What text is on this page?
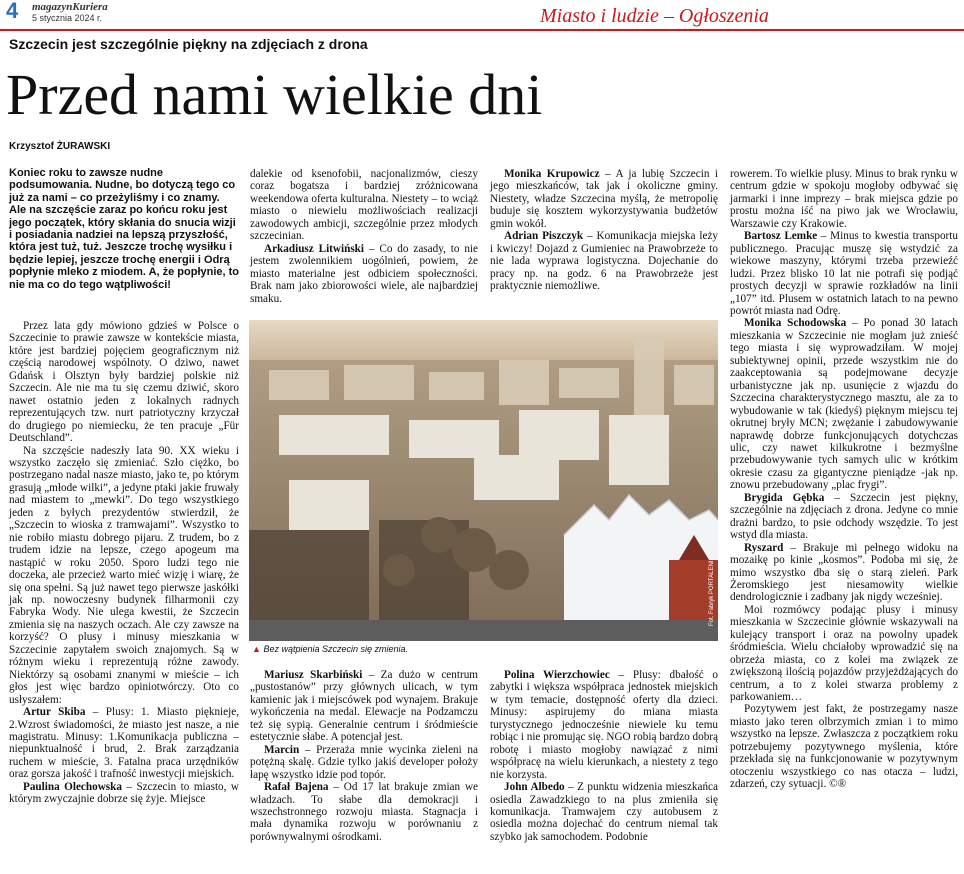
4 magazynKuriera
5 stycznia 2024 r.	Miasto i ludzie – Ogłoszenia
Szczecin jest szczególnie piękny na zdjęciach z drona
Przed nami wielkie dni
Krzysztof ŻURAWSKI
Koniec roku to zawsze nudne podsumowania. Nudne, bo dotyczą tego co już za nami – co przeżyliśmy i co znamy. Ale na szczęście zaraz po końcu roku jest jego początek, który skłania do snucia wizji i posiadania nadziei na lepszą przyszłość, która jest tuż, tuż. Jeszcze trochę wysiłku i będzie lepiej, jeszcze trochę energii i Odrą popłynie mleko z miodem. A, że popłynie, to nie ma co do tego wątpliwości!

Przez lata gdy mówiono gdzieś w Polsce o Szczecinie to prawie zawsze w kontekście miasta, które jest bardziej pojęciem geograficznym niż częścią narodowej wspólnoty. O dziwo, nawet Gdańsk i Olsztyn były bardziej polskie niż Szczecin. Ale nie ma tu się czemu dziwić, skoro nawet ostatnio jeden z lokalnych radnych reprezentujących tzw. nurt patriotyczny krzyczał do drugiego po niemiecku, że ten pracuje „Für Deutschland”.

Na szczęście nadeszły lata 90. XX wieku i wszystko zaczęło się zmieniać. Szło ciężko, bo postrzegano nadal nasze miasto, jako te, po którym grasują „młode wilki”, a jedyne ptaki jakie fruwały nad miastem to „mewki”. Do tego wszystkiego jeden z byłych prezydentów stwierdził, że „Szczecin to wioska z tramwajami”. Wszystko to nie robiło miastu dobrego pijaru. Z trudem, bo z trudem idzie na lepsze, czego apogeum ma nastąpić w roku 2050. Sporo ludzi tego nie doczeka, ale przecież warto mieć wizję i wiarę, że się ona spełni. Są już nawet tego pierwsze jaskółki jak np. nowoczesny budynek filharmonii czy Fabryka Wody. Nie ulega kwestii, że Szczecin zmienia się na naszych oczach. Ale czy zawsze na korzyść? O plusy i minusy mieszkania w Szczecinie zapytałem swoich znajomych. Są w różnym wieku i reprezentują różne zawody. Niektórzy są osobami znanymi w mieście – ich głos jest więc bardzo opiniotwórczy. Oto co usłyszałem:

Artur Skiba – Plusy: 1. Miasto pięknieje, 2.Wzrost świadomości, że miasto jest nasze, a nie magistratu. Minusy: 1.Komunikacja publiczna – niepunktualność i brud, 2. Brak zarządzania ruchem w mieście, 3. Fatalna praca urzędników oraz gorsza jakość i trafność inwestycji miejskich.

Paulina Olechowska – Szczecin to miasto, w którym zwyczajnie dobrze się żyje. Miejsce

dalekie od ksenofobii, nacjonalizmów, cieszy coraz bogatsza i bardziej zróżnicowana weekendowa oferta kulturalna. Niestety – to wciąż miasto o niewielu możliwościach realizacji zawodowych ambicji, szczególnie przez młodych szczecinian.

Arkadiusz Litwiński – Co do zasady, to nie jestem zwolennikiem uogólnień, powiem, że miasto materialne jest odbiciem społeczności. Brak nam jako zbiorowości wiele, ale najbardziej smaku.

Monika Krupowicz – A ja lubię Szczecin i jego mieszkańców, tak jak i okoliczne gminy. Niestety, władze Szczecina myślą, że metropolię buduje się kosztem wykorzystywania budżetów gmin wokół.

Adrian Piszczyk – Komunikacja miejska leży i kwiczy! Dojazd z Gumieniec na Prawobrzeże to nie lada wyprawa logistyczna. Dojechanie do pracy np. na godz. 6 na Prawobrzeże jest praktycznie niemożliwe.

Fot. Fabryk PORTALENI
▲ Bez wątpienia Szczecin się zmienia.

Mariusz Skarbiński – Za dużo w centrum „pustostanów” przy głównych ulicach, w tym kamienic jak i miejscówek pod wynajem. Brakuje wykończenia na medal. Elewacje na Podzamczu też się sypią. Generalnie centrum i śródmieście estetycznie słabe. A potencjał jest.

Marcin – Przeraża mnie wycinka zieleni na potężną skalę. Gdzie tylko jakiś developer położy łapę wszystko idzie pod topór.

Rafał Bajena – Od 17 lat brakuje zmian we władzach. To słabe dla demokracji i wszechstronnego rozwoju miasta. Stagnacja i mała dynamika rozwoju w porównaniu z porównywalnymi ośrodkami.

Polina Wierzchowiec – Plusy: dbałość o zabytki i większa współpraca jednostek miejskich w tym temacie, dostępność oferty dla dzieci. Minusy: aspirujemy do miana miasta turystycznego jednocześnie niewiele ku temu robiąc i nie promując się. NGO robią bardzo dobrą robotę i miasto mogłoby nawiązać z nimi współpracę na wielu kierunkach, a niestety z tego nie korzysta.

John Albedo – Z punktu widzenia mieszkańca osiedla Zawadzkiego to na plus zmieniła się komunikacja. Tramwajem czy autobusem z osiedla można dojechać do centrum niemal tak szybko jak samochodem. Podobnie

rowerem. To wielkie plusy. Minus to brak rynku w centrum gdzie w spokoju mogłoby odbywać się jarmarki i inne imprezy – brak miejsca gdzie po prostu można iść na piwo jak we Wrocławiu, Warszawie czy Krakowie.

Bartosz Lemke – Minus to kwestia transportu publicznego. Pracując muszę się wstydzić za wiekowe maszyny, którymi trzeba przewieźć ludzi. Przez blisko 10 lat nie potrafi się podjąć prostych decyzji w sprawie rozkładów na linii „107” itd. Plusem w ostatnich latach to na pewno powrót miasta nad Odrę.

Monika Schodowska – Po ponad 30 latach mieszkania w Szczecinie nie mogłam już znieść tego miasta i się wyprowadziłam. W mojej subiektywnej opinii, przede wszystkim nie do zaakceptowania są podejmowane decyzje urbanistyczne jak np. usunięcie z wjazdu do Szczecina charakterystycznego masztu, ale za to wybudowanie w tak (kiedyś) pięknym miejscu tej okrutnej bryły MCN; zwężanie i zabudowywanie naprawdę dobrze funkcjonujących dotychczas ulic, czy nawet kilkukrotne i bezmyślne przebudowywanie tych samych ulic w krótkim okresie czasu za gigantyczne pieniądze -jak np. znowu przebudowany „plac frygi”.

Brygida Gębka – Szczecin jest piękny, szczególnie na zdjęciach z drona. Jedyne co mnie drażni bardzo, to psie odchody wszędzie. To jest wstyd dla miasta.

Ryszard – Brakuje mi pełnego widoku na mozaikę po kinie „kosmos”. Podoba mi się, że mimo wszystko dba się o starą zieleń. Park Żeromskiego jest niesamowity wielkie dendrologicznie i zadbany jak nigdy wcześniej.

Moi rozmówcy podając plusy i minusy mieszkania w Szczecinie głównie wskazywali na kulejący transport i oraz na powolny upadek śródmieścia. Wielu chciałoby wprowadzić się na obrzeża miasta, co z kolei ma związek ze zwiększoną ilością pojazdów przyjeżdżających do centrum, a to z kolei stwarza problemy z parkowaniem…

Pozytywem jest fakt, że postrzegamy nasze miasto jako teren olbrzymich zmian i to mimo wszystko na lepsze. Zwłaszcza z początkiem roku potrzebujemy pozytywnego myślenia, które przekłada się na funkcjonowanie w pozytywnym otoczeniu wszystkiego co nas otacza – ludzi, zdarzeń, czy sytuacji. ©®
